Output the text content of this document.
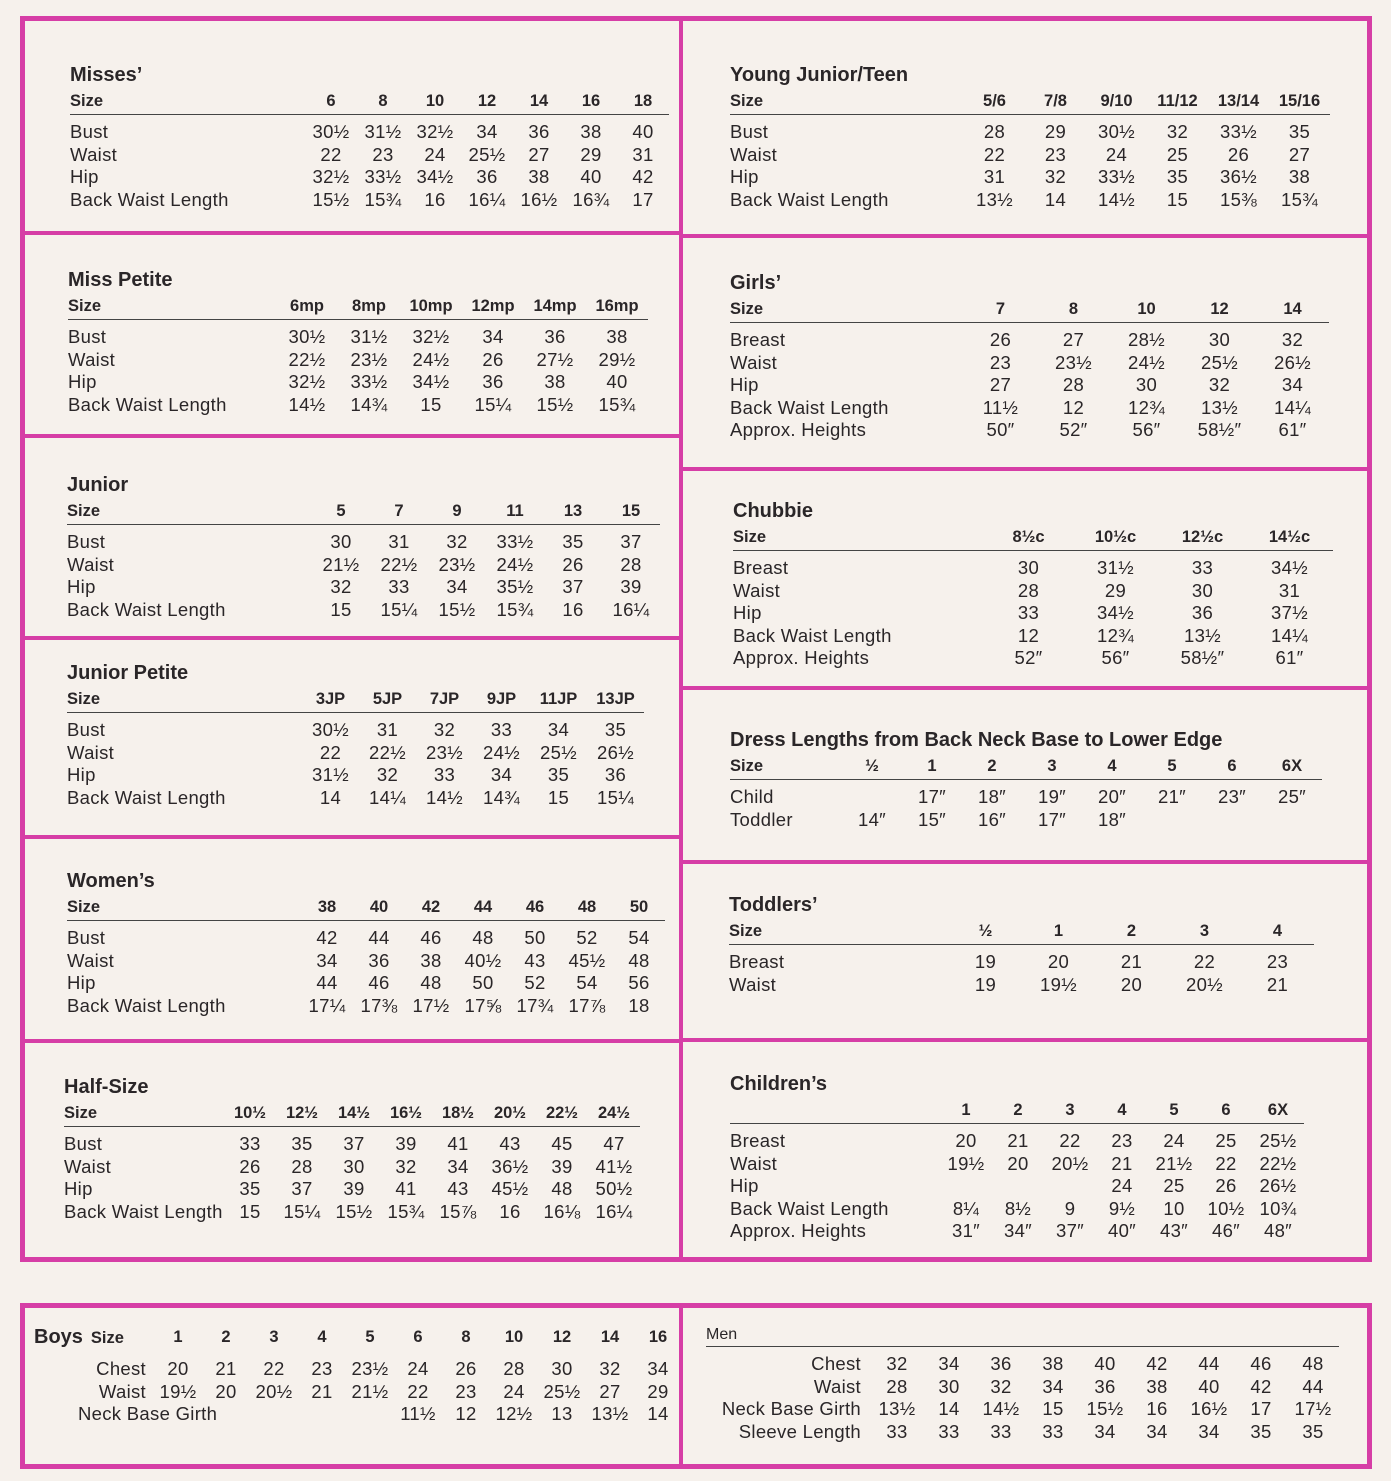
Misses’
Size	6	8	10	12	14	16	18
Bust	30½	31½	32½	34	36	38	40
Waist	22	23	24	25½	27	29	31
Hip	32½	33½	34½	36	38	40	42
Back Waist Length	15½	15¾	16	16¼	16½	16¾	17
Miss Petite
Size	6mp	8mp	10mp	12mp	14mp	16mp
Bust	30½	31½	32½	34	36	38
Waist	22½	23½	24½	26	27½	29½
Hip	32½	33½	34½	36	38	40
Back Waist Length	14½	14¾	15	15¼	15½	15¾
Junior
Size	5	7	9	11	13	15
Bust	30	31	32	33½	35	37
Waist	21½	22½	23½	24½	26	28
Hip	32	33	34	35½	37	39
Back Waist Length	15	15¼	15½	15¾	16	16¼
Junior Petite
Size	3JP	5JP	7JP	9JP	11JP	13JP
Bust	30½	31	32	33	34	35
Waist	22	22½	23½	24½	25½	26½
Hip	31½	32	33	34	35	36
Back Waist Length	14	14¼	14½	14¾	15	15¼
Women’s
Size	38	40	42	44	46	48	50
Bust	42	44	46	48	50	52	54
Waist	34	36	38	40½	43	45½	48
Hip	44	46	48	50	52	54	56
Back Waist Length	17¼	17⅜	17½	17⅝	17¾	17⅞	18
Half-Size
Size	10½	12½	14½	16½	18½	20½	22½	24½
Bust	33	35	37	39	41	43	45	47
Waist	26	28	30	32	34	36½	39	41½
Hip	35	37	39	41	43	45½	48	50½
Back Waist Length	15	15¼	15½	15¾	15⅞	16	16⅛	16¼
Young Junior/Teen
Size	5/6	7/8	9/10	11/12	13/14	15/16
Bust	28	29	30½	32	33½	35
Waist	22	23	24	25	26	27
Hip	31	32	33½	35	36½	38
Back Waist Length	13½	14	14½	15	15⅜	15¾
Girls’
Size	7	8	10	12	14
Breast	26	27	28½	30	32
Waist	23	23½	24½	25½	26½
Hip	27	28	30	32	34
Back Waist Length	11½	12	12¾	13½	14¼
Approx. Heights	50″	52″	56″	58½″	61″
Chubbie
Size	8½c	10½c	12½c	14½c
Breast	30	31½	33	34½
Waist	28	29	30	31
Hip	33	34½	36	37½
Back Waist Length	12	12¾	13½	14¼
Approx. Heights	52″	56″	58½″	61″
Dress Lengths from Back Neck Base to Lower Edge
Size	½	1	2	3	4	5	6	6X
Child		17″	18″	19″	20″	21″	23″	25″
Toddler	14″	15″	16″	17″	18″			
Toddlers’
Size	½	1	2	3	4
Breast	19	20	21	22	23
Waist	19	19½	20	20½	21
Children’s
	1	2	3	4	5	6	6X
Breast	20	21	22	23	24	25	25½
Waist	19½	20	20½	21	21½	22	22½
Hip				24	25	26	26½
Back Waist Length	8¼	8½	9	9½	10	10½	10¾
Approx. Heights	31″	34″	37″	40″	43″	46″	48″
Boys Size	1	2	3	4	5	6	8	10	12	14	16
Chest	20	21	22	23	23½	24	26	28	30	32	34
Waist	19½	20	20½	21	21½	22	23	24	25½	27	29
Neck Base Girth						11½	12	12½	13	13½	14
Men
Chest	32	34	36	38	40	42	44	46	48
Waist	28	30	32	34	36	38	40	42	44
Neck Base Girth	13½	14	14½	15	15½	16	16½	17	17½
Sleeve Length	33	33	33	33	34	34	34	35	35
